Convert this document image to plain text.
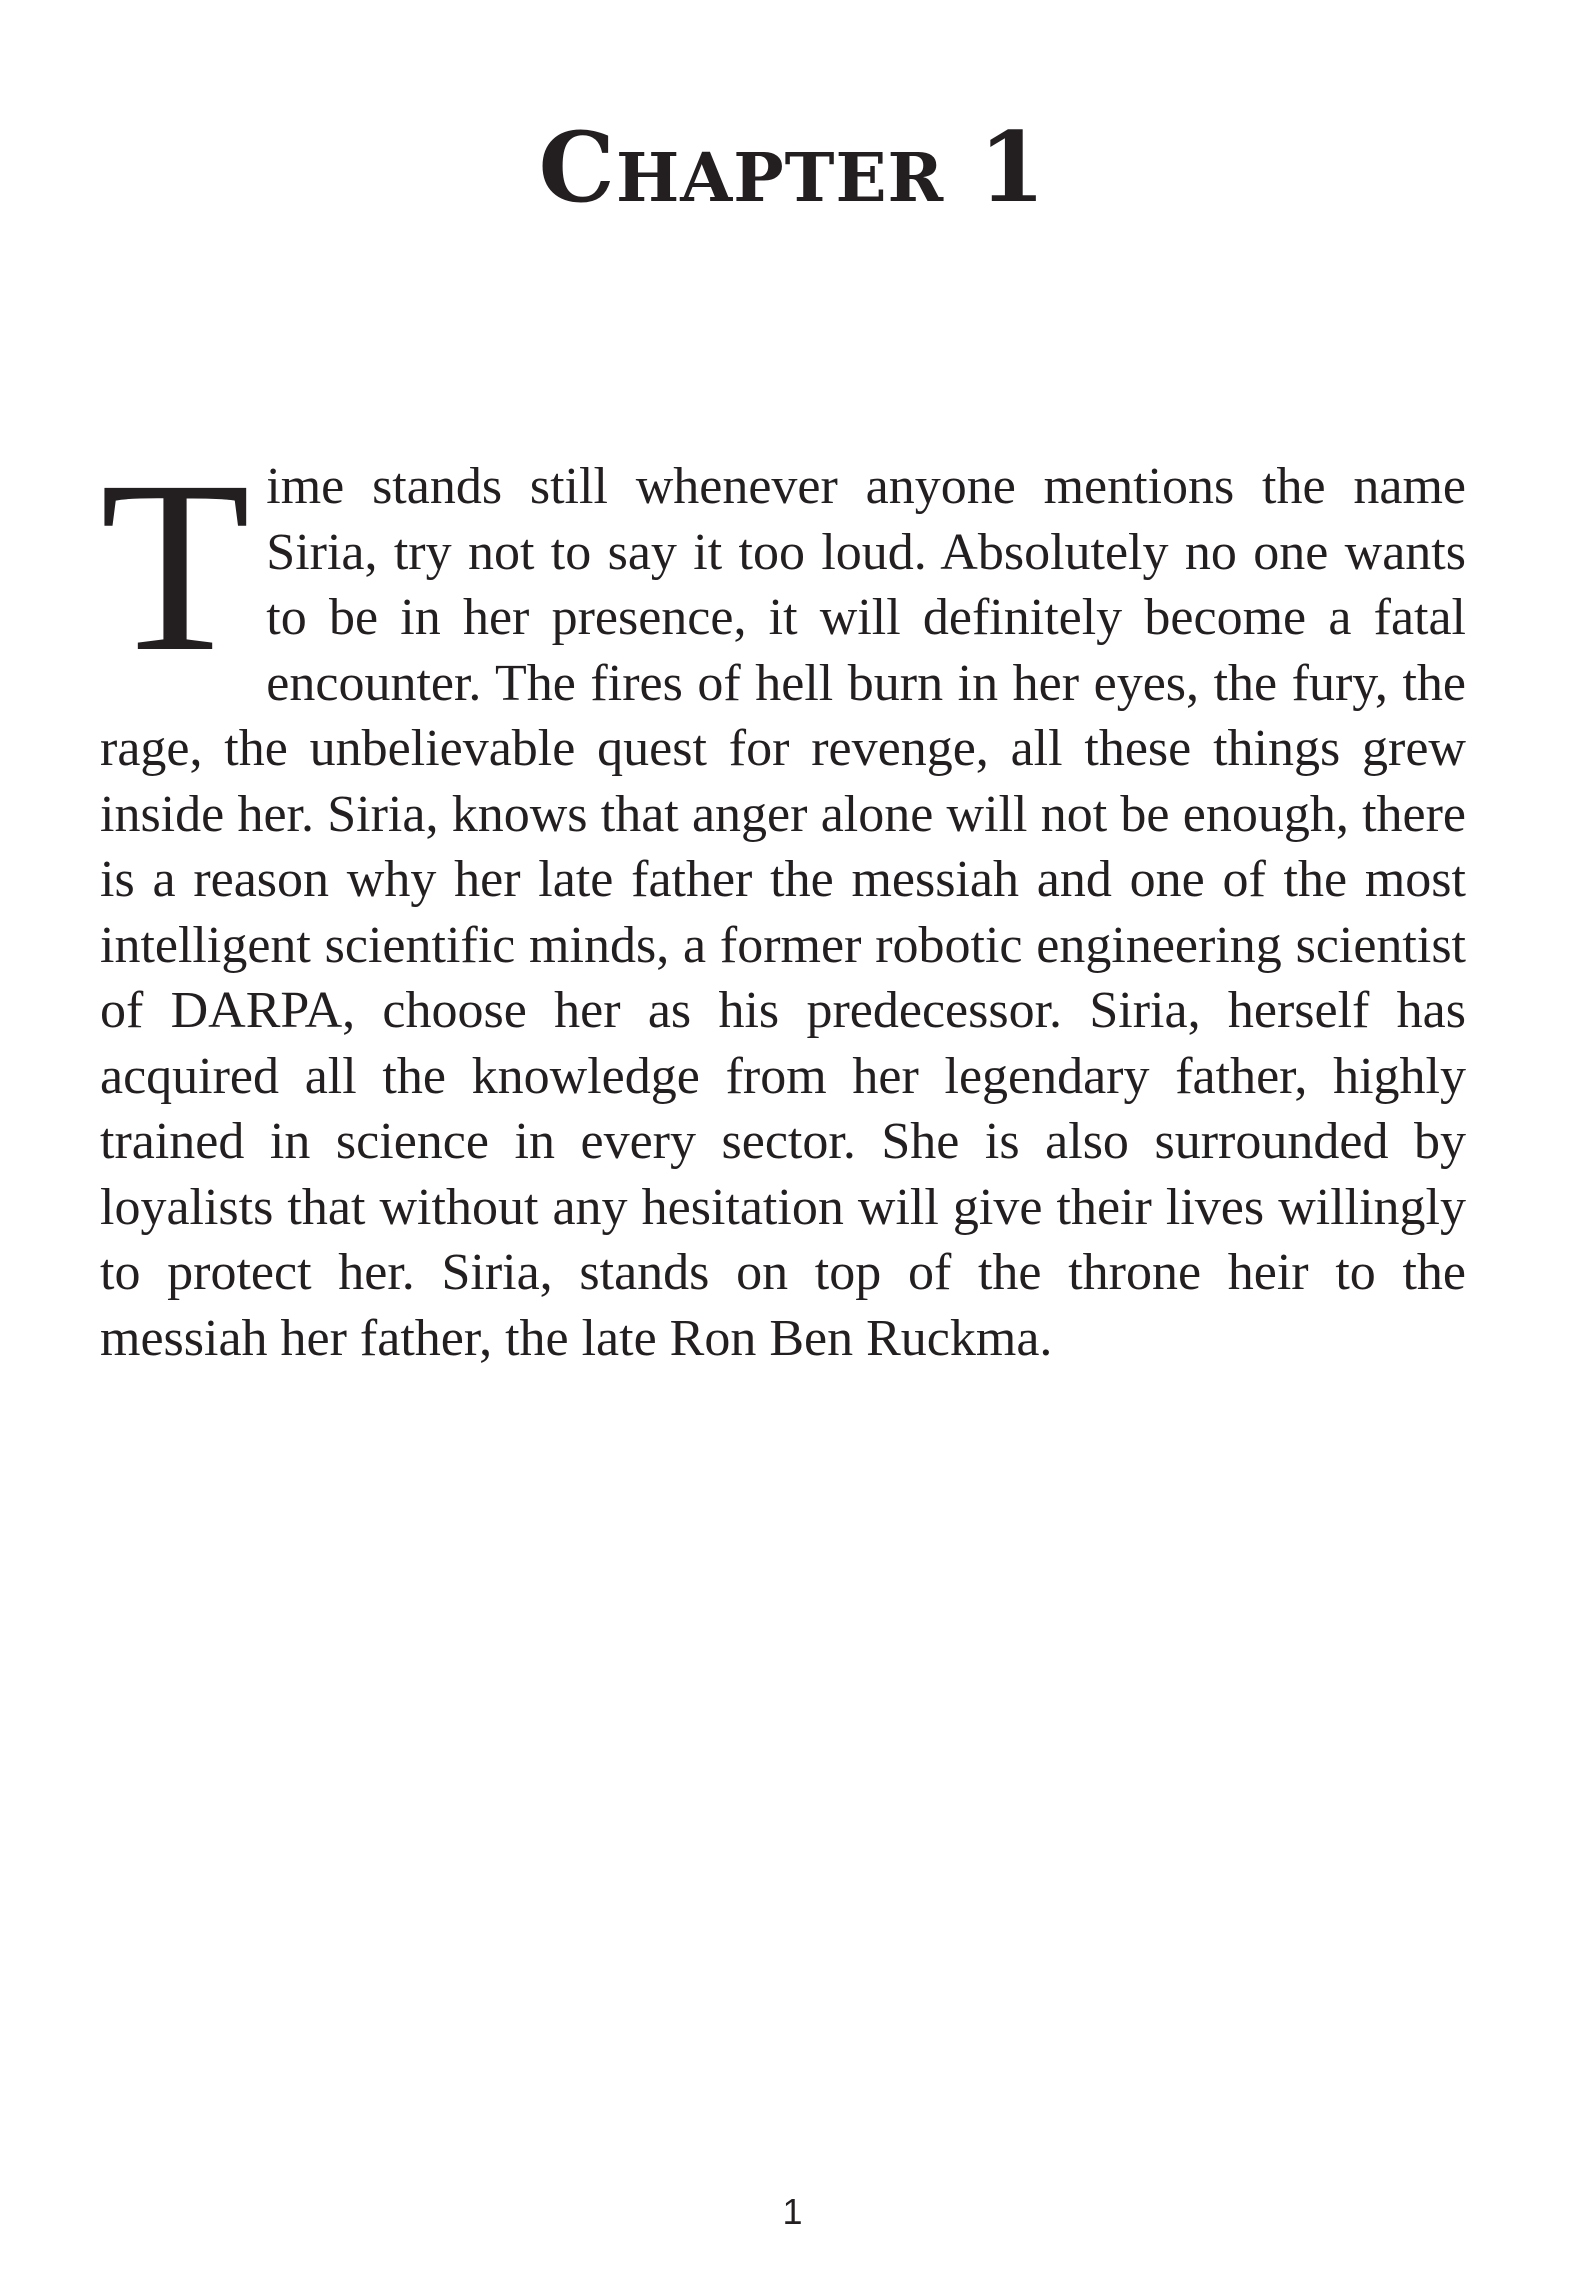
Chapter 1

Time stands still whenever anyone mentions the name Siria, try not to say it too loud. Absolutely no one wants to be in her presence, it will definitely become a fatal encounter. The fires of hell burn in her eyes, the fury, the rage, the unbelievable quest for revenge, all these things grew inside her. Siria, knows that anger alone will not be enough, there is a reason why her late father the messiah and one of the most intelligent scientific minds, a former robotic engineering scientist of DARPA, choose her as his predecessor. Siria, herself has acquired all the knowledge from her legendary father, highly trained in science in every sector. She is also surrounded by loyalists that without any hesitation will give their lives willingly to protect her. Siria, stands on top of the throne heir to the messiah her father, the late Ron Ben Ruckma.

1
